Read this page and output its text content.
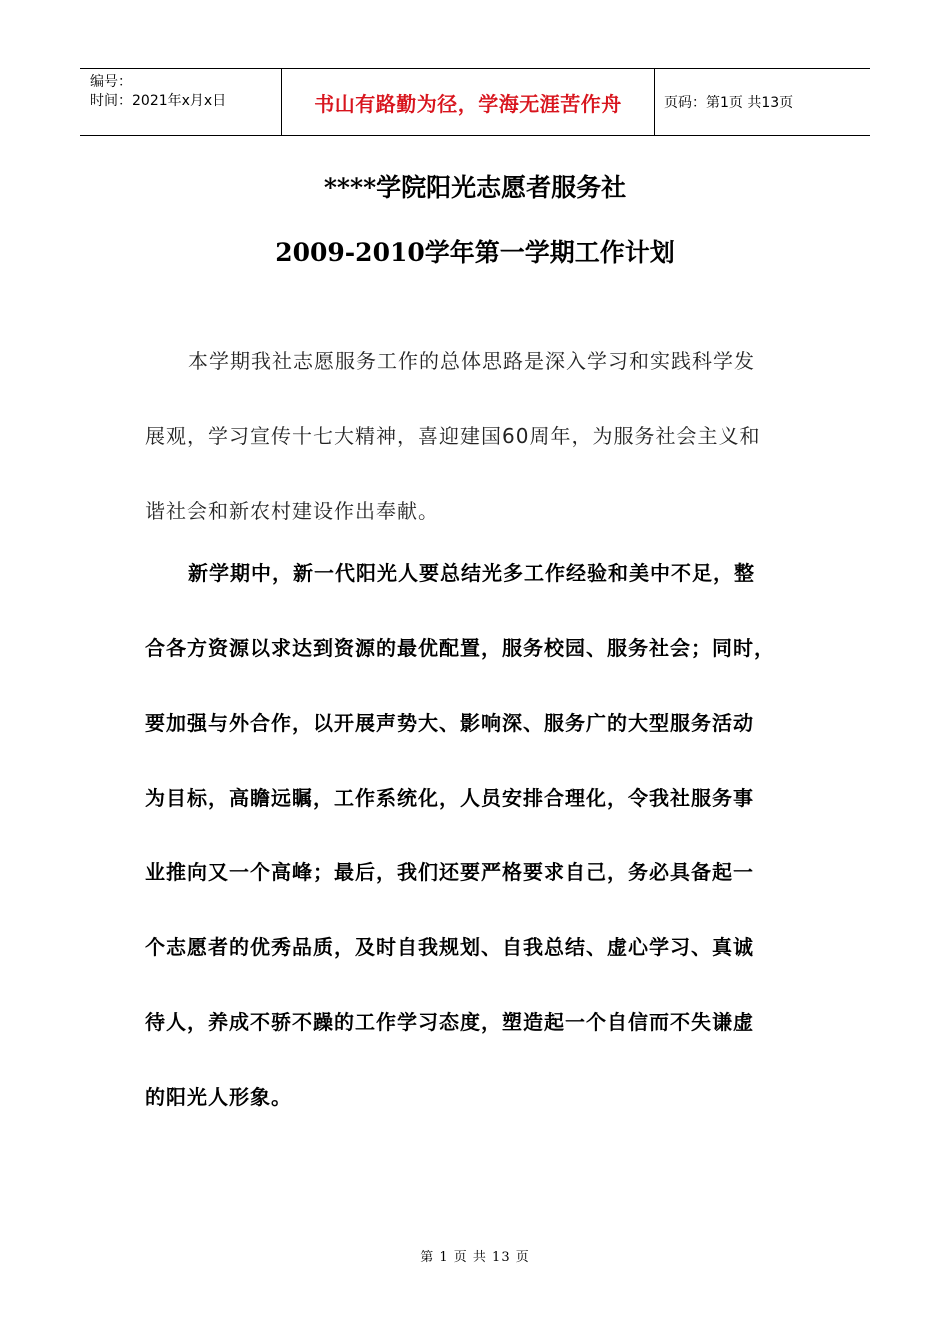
编号：
时间：2021年x月x日	书山有路勤为径，学海无涯苦作舟	页码：第1页 共13页
****学院阳光志愿者服务社
2009-2010学年第一学期工作计划
本学期我社志愿服务工作的总体思路是深入学习和实践科学发
展观，学习宣传十七大精神，喜迎建国60周年，为服务社会主义和
谐社会和新农村建设作出奉献。
新学期中，新一代阳光人要总结光多工作经验和美中不足，整
合各方资源以求达到资源的最优配置，服务校园、服务社会；同时，
要加强与外合作，以开展声势大、影响深、服务广的大型服务活动
为目标，高瞻远瞩，工作系统化，人员安排合理化，令我社服务事
业推向又一个高峰；最后，我们还要严格要求自己，务必具备起一
个志愿者的优秀品质，及时自我规划、自我总结、虚心学习、真诚
待人，养成不骄不躁的工作学习态度，塑造起一个自信而不失谦虚
的阳光人形象。
第 1 页 共 13 页
